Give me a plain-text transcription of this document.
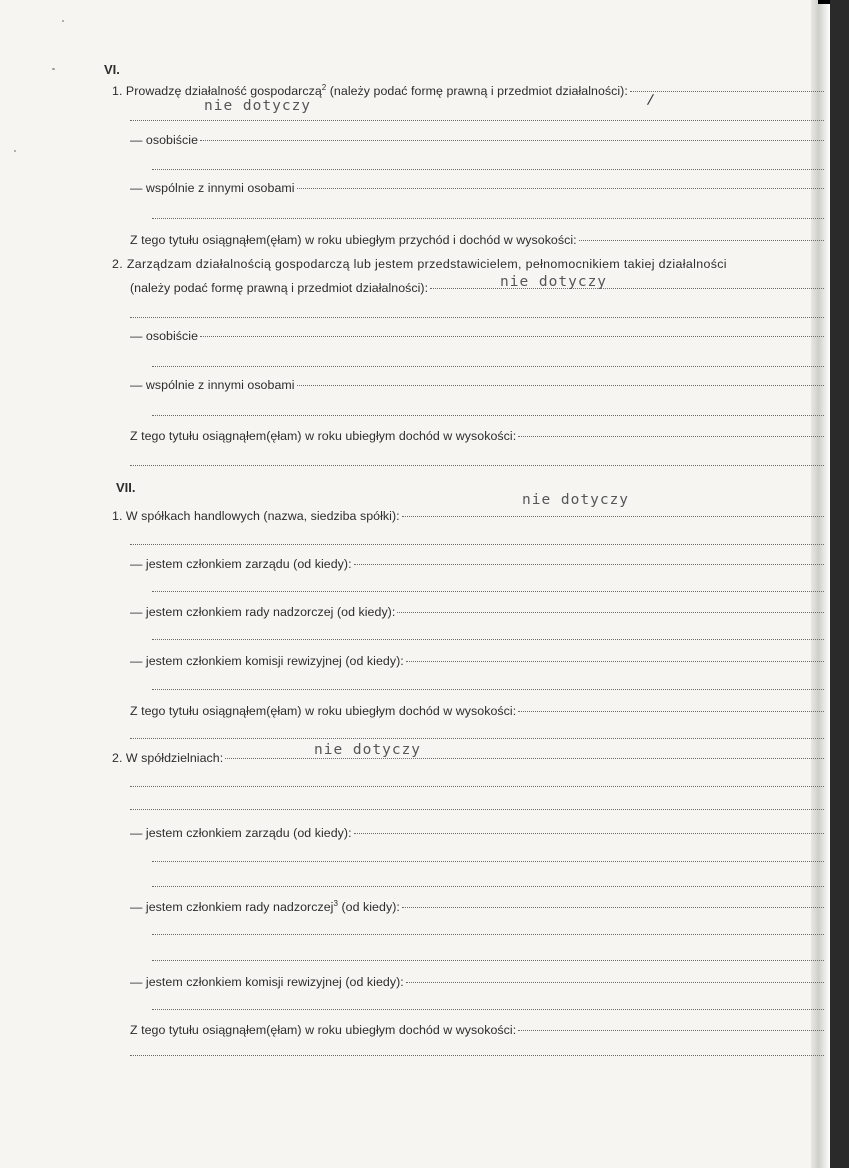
VI.
1. Prowadzę działalność gospodarczą$^2$ (należy podać formę prawną i przedmiot działalności):
/
nie dotyczy
— osobiście
— wspólnie z innymi osobami
Z tego tytułu osiągnąłem(ęłam) w roku ubiegłym przychód i dochód w wysokości:
2. Zarządzam działalnością gospodarczą lub jestem przedstawicielem, pełnomocnikiem takiej działalności
(należy podać formę prawną i przedmiot działalności):	nie dotyczy
— osobiście
— wspólnie z innymi osobami
Z tego tytułu osiągnąłem(ęłam) w roku ubiegłym dochód w wysokości:
VII.
nie dotyczy
1. W spółkach handlowych (nazwa, siedziba spółki):
— jestem członkiem zarządu (od kiedy):
— jestem członkiem rady nadzorczej (od kiedy):
— jestem członkiem komisji rewizyjnej (od kiedy):
Z tego tytułu osiągnąłem(ęłam) w roku ubiegłym dochód w wysokości:
nie dotyczy
2. W spółdzielniach:
— jestem członkiem zarządu (od kiedy):
— jestem członkiem rady nadzorczej$^3$ (od kiedy):
— jestem członkiem komisji rewizyjnej (od kiedy):
Z tego tytułu osiągnąłem(ęłam) w roku ubiegłym dochód w wysokości:
